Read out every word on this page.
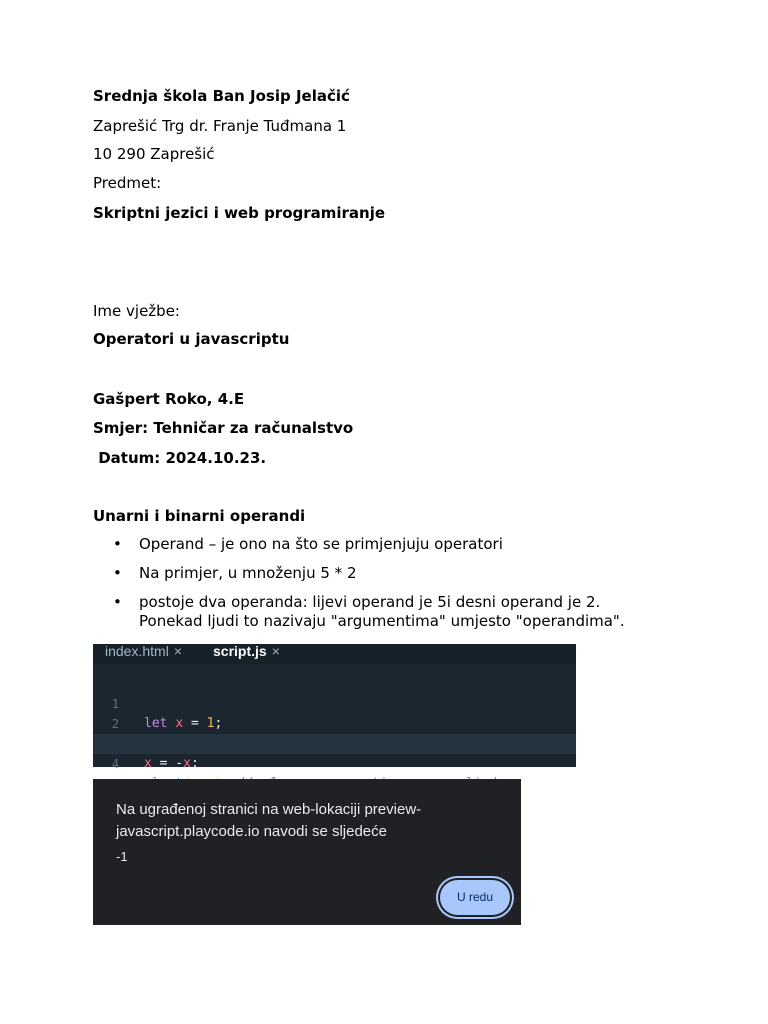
Srednja škola Ban Josip Jelačić
Zaprešić Trg dr. Franje Tuđmana 1
10 290 Zaprešić
Predmet:
Skriptni jezici i web programiranje
Ime vježbe:
Operatori u javascriptu
Gašpert Roko, 4.E
Smjer: Tehničar za računalstvo
Datum: 2024.10.23.
Unarni i binarni operandi
• Operand – je ono na što se primjenjuju operatori
• Na primjer, u množenju 5 * 2
• postoje dva operanda: lijevi operand je 5i desni operand je 2.
Ponekad ljudi to nazivaju "argumentima" umjesto "operandima".
index.html × script.js ×

1

let x = 1;

2

x = -x;

4

Na ugrađenoj stranici na web-lokaciji preview-javascript.playcode.io navodi se sljedeće
-1
U redu
